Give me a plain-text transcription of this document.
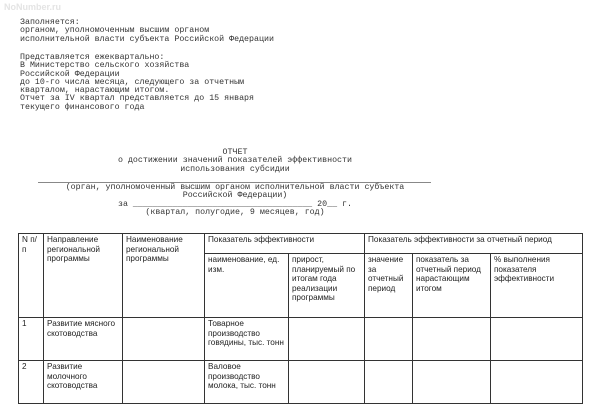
NoNumber.ru
Заполняется:
органом, уполномоченным высшим органом
исполнительной власти субъекта Российской Федерации
Представляется ежеквартально:
В Министерство сельского хозяйства
Российской Федерации
до 10-го числа месяца, следующего за отчетным
кварталом, нарастающим итогом.
Отчет за IV квартал представляется до 15 января
текущего финансового года
ОТЧЕТ
о достижении значений показателей эффективности
использования субсидии
(орган, уполномоченный высшим органом исполнительной власти субъекта
Российской Федерации)
за ____________________________________ 20__ г.
(квартал, полугодие, 9 месяцев, год)
N п/п	Направление региональной программы	Наименование региональной программы	Показатель эффективности		Показатель эффективности за отчетный период		
			наименование, ед. изм.	прирост, планируемый по итогам года реализации программы	значение за отчетный период	показатель за отчетный период нарастающим итогом	% выполнения показателя эффективности
1	Развитие мясного скотоводства		Товарное производство говядины, тыс. тонн				
2	Развитие молочного скотоводства		Валовое производство молока, тыс. тонн				
